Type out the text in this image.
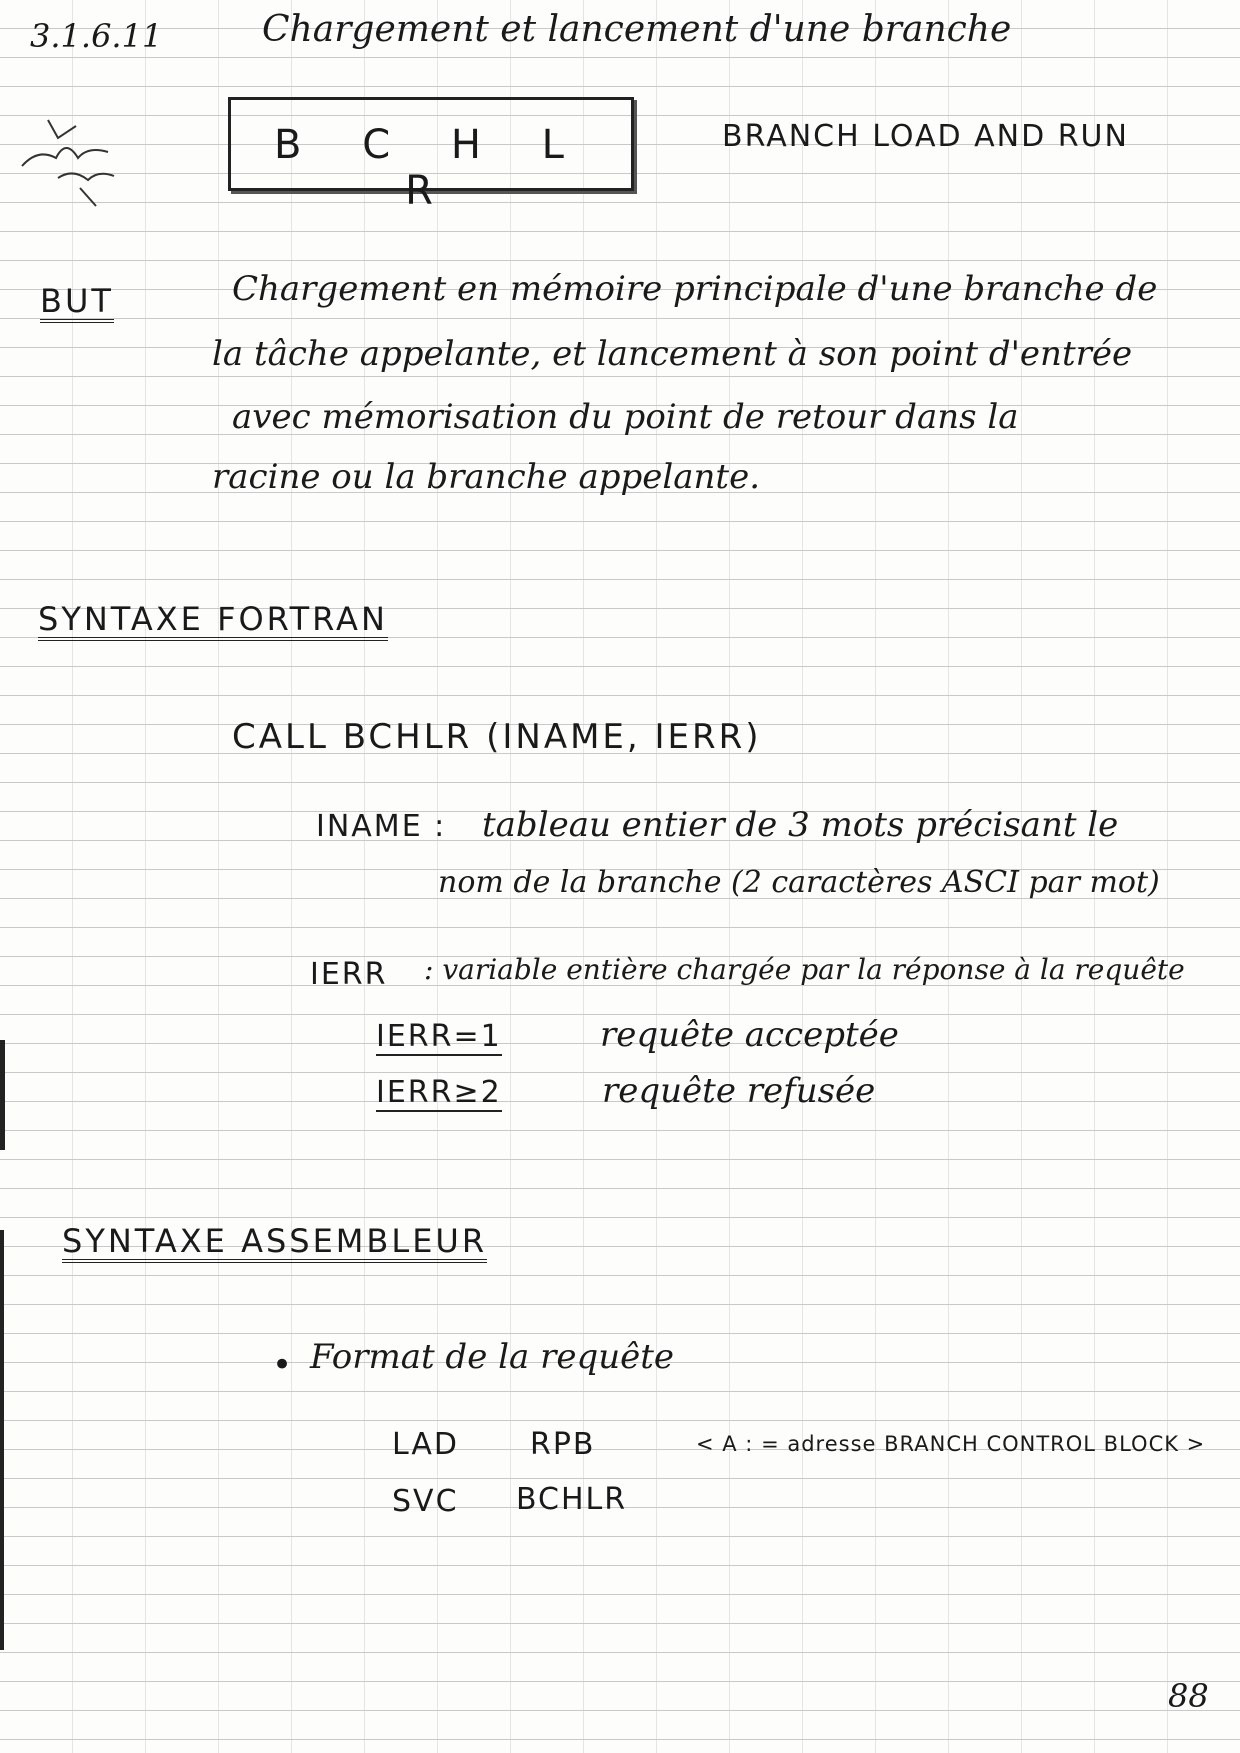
3.1.6.11	Chargement et lancement d'une branche
B C H L R
BRANCH LOAD AND RUN
BUT	Chargement en mémoire principale d'une branche de
la tâche appelante, et lancement à son point d'entrée
avec mémorisation du point de retour dans la
racine ou la branche appelante.
SYNTAXE FORTRAN
CALL BCHLR (INAME, IERR)
INAME : tableau entier de 3 mots précisant le
nom de la branche (2 caractères ASCI par mot)
IERR : variable entière chargée par la réponse à la requête
IERR=1	requête acceptée
IERR≥2	requête refusée
SYNTAXE ASSEMBLEUR
• Format de la requête
LAD RPB	< A : = adresse BRANCH CONTROL BLOCK >
SVC BCHLR
88
